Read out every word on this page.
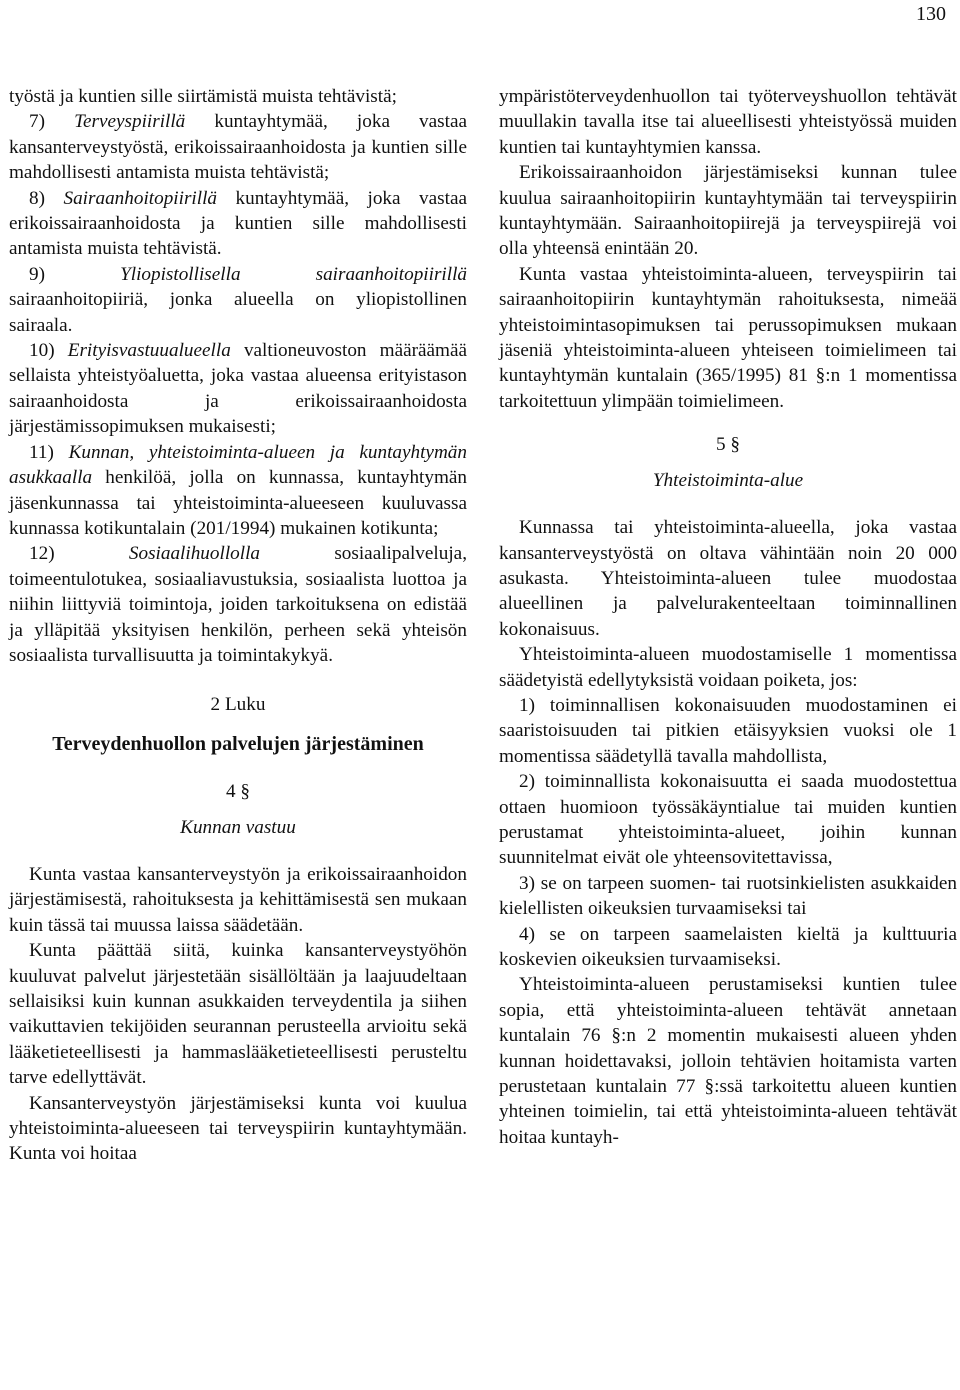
130

työstä ja kuntien sille siirtämistä muista tehtävistä;

7) Terveyspiirillä kuntayhtymää, joka vastaa kansanterveystyöstä, erikoissairaanhoidosta ja kuntien sille mahdollisesti antamista muista tehtävistä;

8) Sairaanhoitopiirillä kuntayhtymää, joka vastaa erikoissairaanhoidosta ja kuntien sille mahdollisesti antamista muista tehtävistä.

9) Yliopistollisella sairaanhoitopiirillä sairaanhoitopiiriä, jonka alueella on yliopistollinen sairaala.

10) Erityisvastuualueella valtioneuvoston määräämää sellaista yhteistyöaluetta, joka vastaa alueensa erityistason sairaanhoidosta ja erikoissairaanhoidosta järjestämissopimuksen mukaisesti;

11) Kunnan, yhteistoiminta-alueen ja kuntayhtymän asukkaalla henkilöä, jolla on kunnassa, kuntayhtymän jäsenkunnassa tai yhteistoiminta-alueeseen kuuluvassa kunnassa kotikuntalain (201/1994) mukainen kotikunta;

12) Sosiaalihuollolla sosiaalipalveluja, toimeentulotukea, sosiaaliavustuksia, sosiaalista luottoa ja niihin liittyviä toimintoja, joiden tarkoituksena on edistää ja ylläpitää yksityisen henkilön, perheen sekä yhteisön sosiaalista turvallisuutta ja toimintakykyä.

2 Luku

Terveydenhuollon palvelujen järjestäminen

4 §

Kunnan vastuu

Kunta vastaa kansanterveystyön ja erikoissairaanhoidon järjestämisestä, rahoituksesta ja kehittämisestä sen mukaan kuin tässä tai muussa laissa säädetään.

Kunta päättää siitä, kuinka kansanterveystyöhön kuuluvat palvelut järjestetään sisällöltään ja laajuudeltaan sellaisiksi kuin kunnan asukkaiden terveydentila ja siihen vaikuttavien tekijöiden seurannan perusteella arvioitu sekä lääketieteellisesti ja hammaslääketieteellisesti perusteltu tarve edellyttävät.

Kansanterveystyön järjestämiseksi kunta voi kuulua yhteistoiminta-alueeseen tai terveyspiirin kuntayhtymään. Kunta voi hoitaa

ympäristöterveydenhuollon tai työterveyshuollon tehtävät muullakin tavalla itse tai alueellisesti yhteistyössä muiden kuntien tai kuntayhtymien kanssa.

Erikoissairaanhoidon järjestämiseksi kunnan tulee kuulua sairaanhoitopiirin kuntayhtymään tai terveyspiirin kuntayhtymään. Sairaanhoitopiirejä ja terveyspiirejä voi olla yhteensä enintään 20.

Kunta vastaa yhteistoiminta-alueen, terveyspiirin tai sairaanhoitopiirin kuntayhtymän rahoituksesta, nimeää yhteistoimintasopimuksen tai perussopimuksen mukaan jäseniä yhteistoiminta-alueen yhteiseen toimielimeen tai kuntayhtymän kuntalain (365/1995) 81 §:n 1 momentissa tarkoitettuun ylimpään toimielimeen.

5 §

Yhteistoiminta-alue

Kunnassa tai yhteistoiminta-alueella, joka vastaa kansanterveystyöstä on oltava vähintään noin 20 000 asukasta. Yhteistoiminta-alueen tulee muodostaa alueellinen ja palvelurakenteeltaan toiminnallinen kokonaisuus.

Yhteistoiminta-alueen muodostamiselle 1 momentissa säädetyistä edellytyksistä voidaan poiketa, jos:

1) toiminnallisen kokonaisuuden muodostaminen ei saaristoisuuden tai pitkien etäisyyksien vuoksi ole 1 momentissa säädetyllä tavalla mahdollista,

2) toiminnallista kokonaisuutta ei saada muodostettua ottaen huomioon työssäkäyntialue tai muiden kuntien perustamat yhteistoiminta-alueet, joihin kunnan suunnitelmat eivät ole yhteensovitettavissa,

3) se on tarpeen suomen- tai ruotsinkielisten asukkaiden kielellisten oikeuksien turvaamiseksi tai

4) se on tarpeen saamelaisten kieltä ja kulttuuria koskevien oikeuksien turvaamiseksi.

Yhteistoiminta-alueen perustamiseksi kuntien tulee sopia, että yhteistoiminta-alueen tehtävät annetaan kuntalain 76 §:n 2 momentin mukaisesti alueen yhden kunnan hoidettavaksi, jolloin tehtävien hoitamista varten perustetaan kuntalain 77 §:ssä tarkoitettu alueen kuntien yhteinen toimielin, tai että yhteistoiminta-alueen tehtävät hoitaa kuntayh-
